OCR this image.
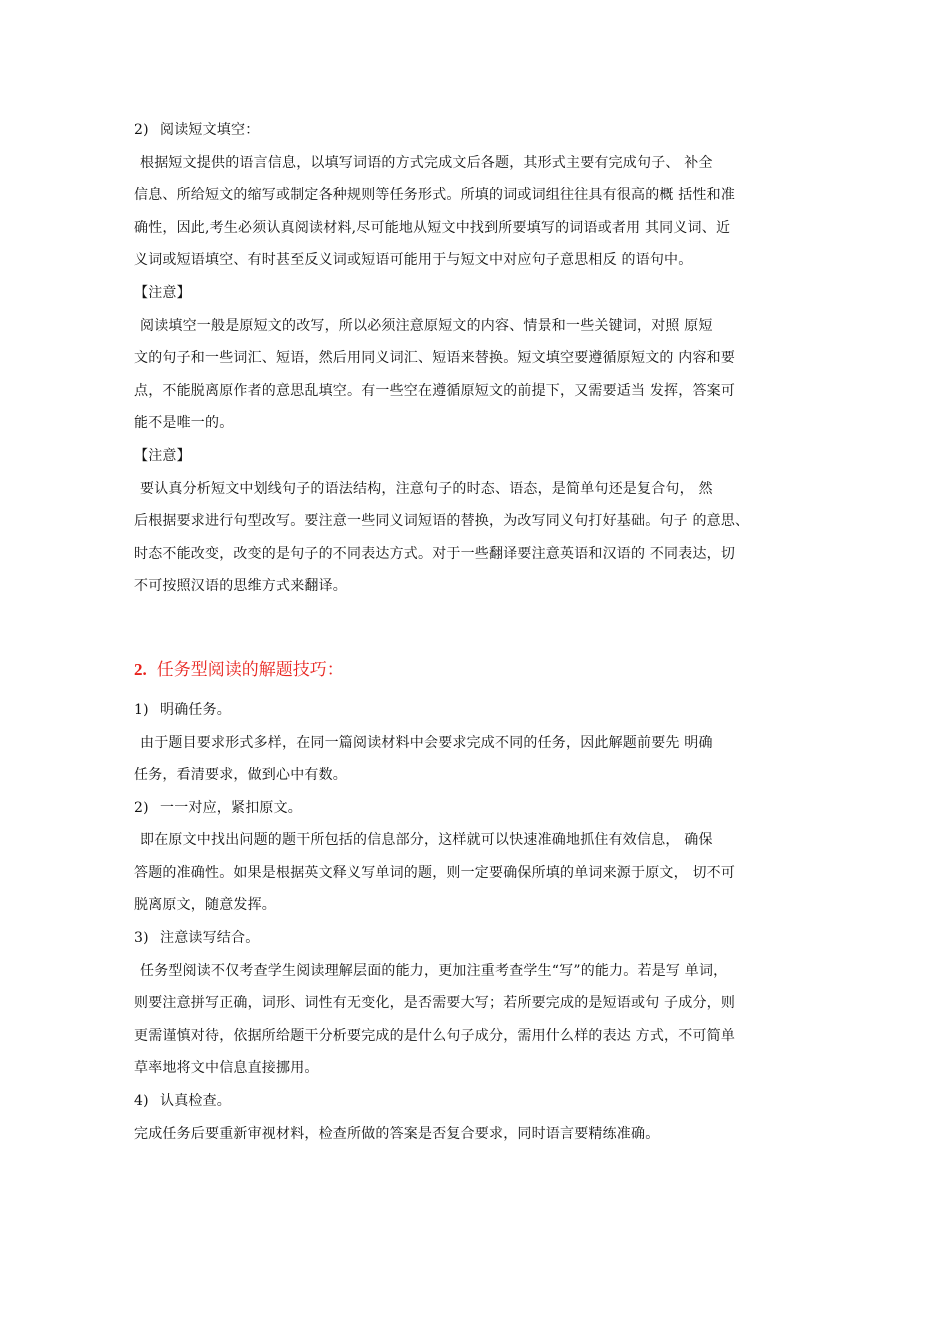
2) 阅读短文填空：
根据短文提供的语言信息，以填写词语的方式完成文后各题，其形式主要有完成句子、 补全
信息、所给短文的缩写或制定各种规则等任务形式。所填的词或词组往往具有很高的概 括性和准
确性，因此,考生必须认真阅读材料,尽可能地从短文中找到所要填写的词语或者用 其同义词、近
义词或短语填空、有时甚至反义词或短语可能用于与短文中对应句子意思相反 的语句中。
【注意】
阅读填空一般是原短文的改写，所以必须注意原短文的内容、情景和一些关键词，对照 原短
文的句子和一些词汇、短语，然后用同义词汇、短语来替换。短文填空要遵循原短文的 内容和要
点，不能脱离原作者的意思乱填空。有一些空在遵循原短文的前提下，又需要适当 发挥，答案可
能不是唯一的。
【注意】
要认真分析短文中划线句子的语法结构，注意句子的时态、语态，是简单句还是复合句， 然
后根据要求进行句型改写。要注意一些同义词短语的替换，为改写同义句打好基础。句子 的意思、
时态不能改变，改变的是句子的不同表达方式。对于一些翻译要注意英语和汉语的 不同表达，切
不可按照汉语的思维方式来翻译。
2. 任务型阅读的解题技巧：
1) 明确任务。
由于题目要求形式多样，在同一篇阅读材料中会要求完成不同的任务，因此解题前要先 明确
任务，看清要求，做到心中有数。
2) 一一对应，紧扣原文。
即在原文中找出问题的题干所包括的信息部分，这样就可以快速准确地抓住有效信息， 确保
答题的准确性。如果是根据英文释义写单词的题，则一定要确保所填的单词来源于原文， 切不可
脱离原文，随意发挥。
3) 注意读写结合。
任务型阅读不仅考查学生阅读理解层面的能力，更加注重考查学生“写”的能力。若是写 单词，
则要注意拼写正确，词形、词性有无变化，是否需要大写；若所要完成的是短语或句 子成分，则
更需谨慎对待，依据所给题干分析要完成的是什么句子成分，需用什么样的表达 方式，不可简单
草率地将文中信息直接挪用。
4) 认真检查。
完成任务后要重新审视材料，检查所做的答案是否复合要求，同时语言要精练准确。
